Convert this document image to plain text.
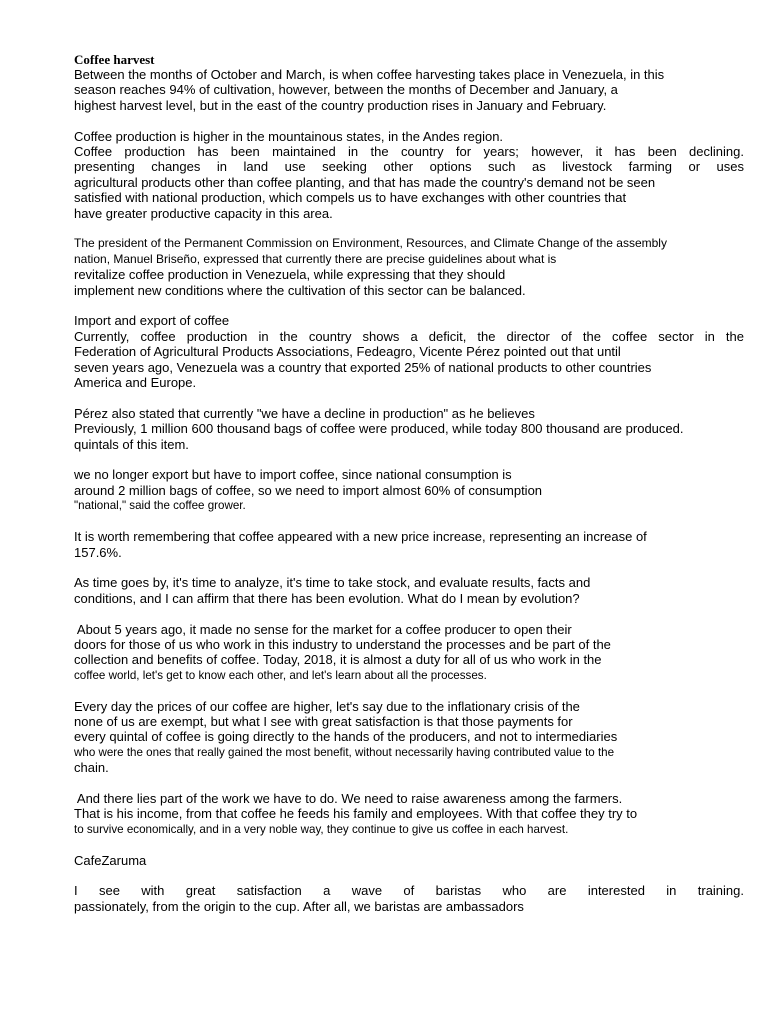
Coffee harvest
Between the months of October and March, is when coffee harvesting takes place in Venezuela, in this
season reaches 94% of cultivation, however, between the months of December and January, a
highest harvest level, but in the east of the country production rises in January and February.
Coffee production is higher in the mountainous states, in the Andes region.
Coffee production has been maintained in the country for years; however, it has been declining.
presenting changes in land use seeking other options such as livestock farming or uses
agricultural products other than coffee planting, and that has made the country's demand not be seen
satisfied with national production, which compels us to have exchanges with other countries that
have greater productive capacity in this area.
The president of the Permanent Commission on Environment, Resources, and Climate Change of the assembly
nation, Manuel Briseño, expressed that currently there are precise guidelines about what is
revitalize coffee production in Venezuela, while expressing that they should
implement new conditions where the cultivation of this sector can be balanced.
Import and export of coffee
Currently, coffee production in the country shows a deficit, the director of the coffee sector in the
Federation of Agricultural Products Associations, Fedeagro, Vicente Pérez pointed out that until
seven years ago, Venezuela was a country that exported 25% of national products to other countries
America and Europe.
Pérez also stated that currently "we have a decline in production" as he believes
Previously, 1 million 600 thousand bags of coffee were produced, while today 800 thousand are produced.
quintals of this item.
we no longer export but have to import coffee, since national consumption is
around 2 million bags of coffee, so we need to import almost 60% of consumption
"national," said the coffee grower.
It is worth remembering that coffee appeared with a new price increase, representing an increase of
157.6%.
As time goes by, it's time to analyze, it's time to take stock, and evaluate results, facts and
conditions, and I can affirm that there has been evolution. What do I mean by evolution?
About 5 years ago, it made no sense for the market for a coffee producer to open their
doors for those of us who work in this industry to understand the processes and be part of the
collection and benefits of coffee. Today, 2018, it is almost a duty for all of us who work in the
coffee world, let's get to know each other, and let's learn about all the processes.
Every day the prices of our coffee are higher, let's say due to the inflationary crisis of the
none of us are exempt, but what I see with great satisfaction is that those payments for
every quintal of coffee is going directly to the hands of the producers, and not to intermediaries
who were the ones that really gained the most benefit, without necessarily having contributed value to the
chain.
And there lies part of the work we have to do. We need to raise awareness among the farmers.
That is his income, from that coffee he feeds his family and employees. With that coffee they try to
to survive economically, and in a very noble way, they continue to give us coffee in each harvest.
CafeZaruma
I see with great satisfaction a wave of baristas who are interested in training.
passionately, from the origin to the cup. After all, we baristas are ambassadors
